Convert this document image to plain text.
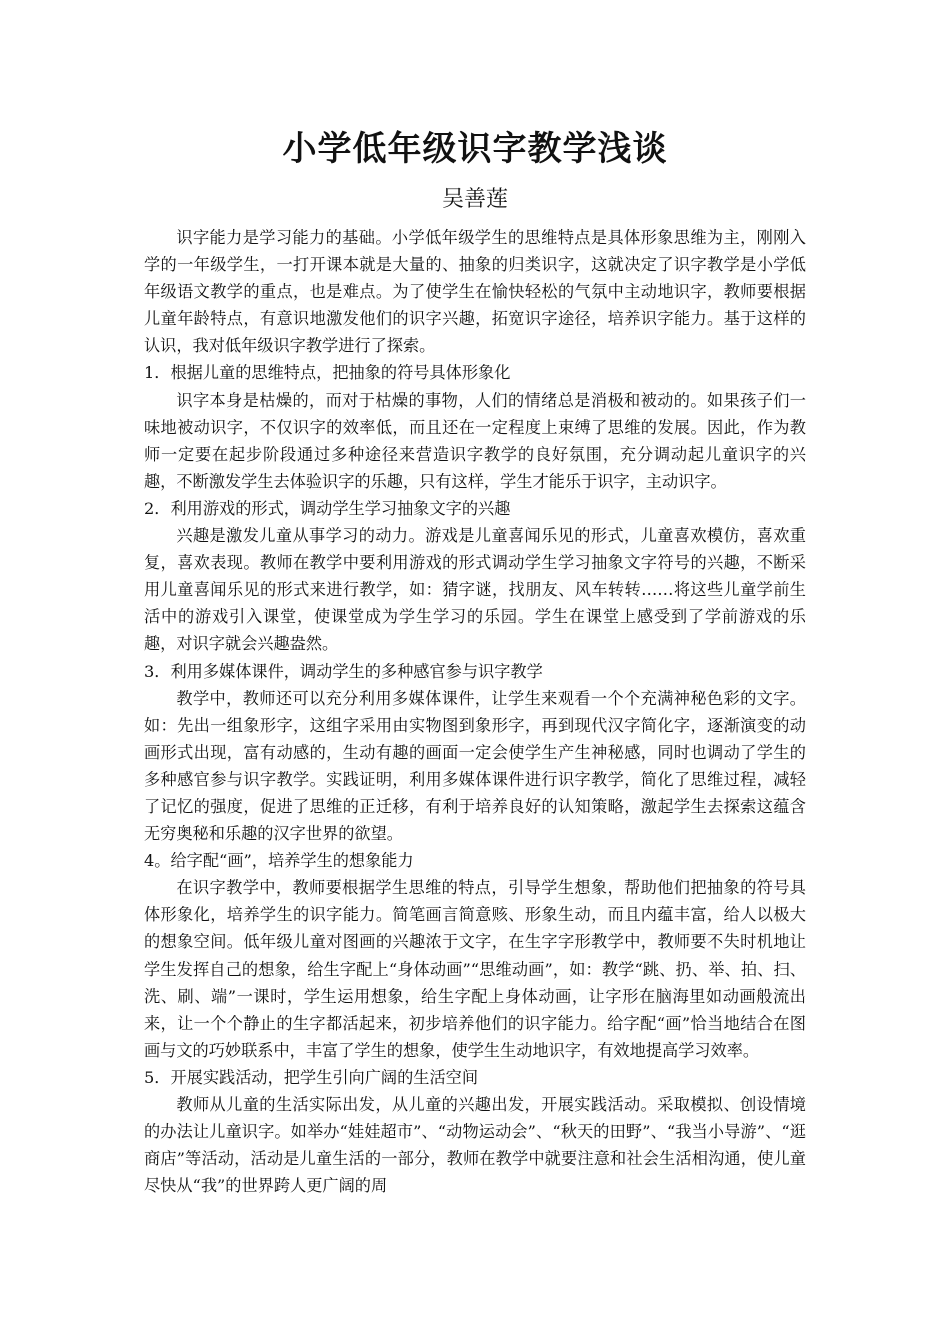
小学低年级识字教学浅谈
吴善莲

识字能力是学习能力的基础。小学低年级学生的思维特点是具体形象思维为主，刚刚入学的一年级学生，一打开课本就是大量的、抽象的归类识字，这就决定了识字教学是小学低年级语文教学的重点，也是难点。为了使学生在愉快轻松的气氛中主动地识字，教师要根据儿童年龄特点，有意识地激发他们的识字兴趣，拓宽识字途径，培养识字能力。基于这样的认识，我对低年级识字教学进行了探索。

1．根据儿童的思维特点，把抽象的符号具体形象化

识字本身是枯燥的，而对于枯燥的事物，人们的情绪总是消极和被动的。如果孩子们一味地被动识字，不仅识字的效率低，而且还在一定程度上束缚了思维的发展。因此，作为教师一定要在起步阶段通过多种途径来营造识字教学的良好氛围，充分调动起儿童识字的兴趣，不断激发学生去体验识字的乐趣，只有这样，学生才能乐于识字，主动识字。

2．利用游戏的形式，调动学生学习抽象文字的兴趣

兴趣是激发儿童从事学习的动力。游戏是儿童喜闻乐见的形式，儿童喜欢模仿，喜欢重复，喜欢表现。教师在教学中要利用游戏的形式调动学生学习抽象文字符号的兴趣，不断采用儿童喜闻乐见的形式来进行教学，如：猜字谜，找朋友、风车转转……将这些儿童学前生活中的游戏引入课堂，使课堂成为学生学习的乐园。学生在课堂上感受到了学前游戏的乐趣，对识字就会兴趣盎然。

3．利用多媒体课件，调动学生的多种感官参与识字教学

教学中，教师还可以充分利用多媒体课件，让学生来观看一个个充满神秘色彩的文字。如：先出一组象形字，这组字采用由实物图到象形字，再到现代汉字简化字，逐渐演变的动画形式出现，富有动感的，生动有趣的画面一定会使学生产生神秘感，同时也调动了学生的多种感官参与识字教学。实践证明，利用多媒体课件进行识字教学，简化了思维过程，减轻了记忆的强度，促进了思维的正迁移，有利于培养良好的认知策略，激起学生去探索这蕴含无穷奥秘和乐趣的汉字世界的欲望。

4。给字配“画”，培养学生的想象能力

在识字教学中，教师要根据学生思维的特点，引导学生想象，帮助他们把抽象的符号具体形象化，培养学生的识字能力。简笔画言简意赅、形象生动，而且内蕴丰富，给人以极大的想象空间。低年级儿童对图画的兴趣浓于文字，在生字字形教学中，教师要不失时机地让学生发挥自己的想象，给生字配上“身体动画”“思维动画”，如：教学“跳、扔、举、拍、扫、洗、刷、端”一课时，学生运用想象，给生字配上身体动画，让字形在脑海里如动画般流出来，让一个个静止的生字都活起来，初步培养他们的识字能力。给字配“画”恰当地结合在图画与文的巧妙联系中，丰富了学生的想象，使学生生动地识字，有效地提高学习效率。

5．开展实践活动，把学生引向广阔的生活空间

教师从儿童的生活实际出发，从儿童的兴趣出发，开展实践活动。采取模拟、创设情境的办法让儿童识字。如举办“娃娃超市”、“动物运动会”、“秋天的田野”、“我当小导游”、“逛商店”等活动，活动是儿童生活的一部分，教师在教学中就要注意和社会生活相沟通，使儿童尽快从“我”的世界跨人更广阔的周
